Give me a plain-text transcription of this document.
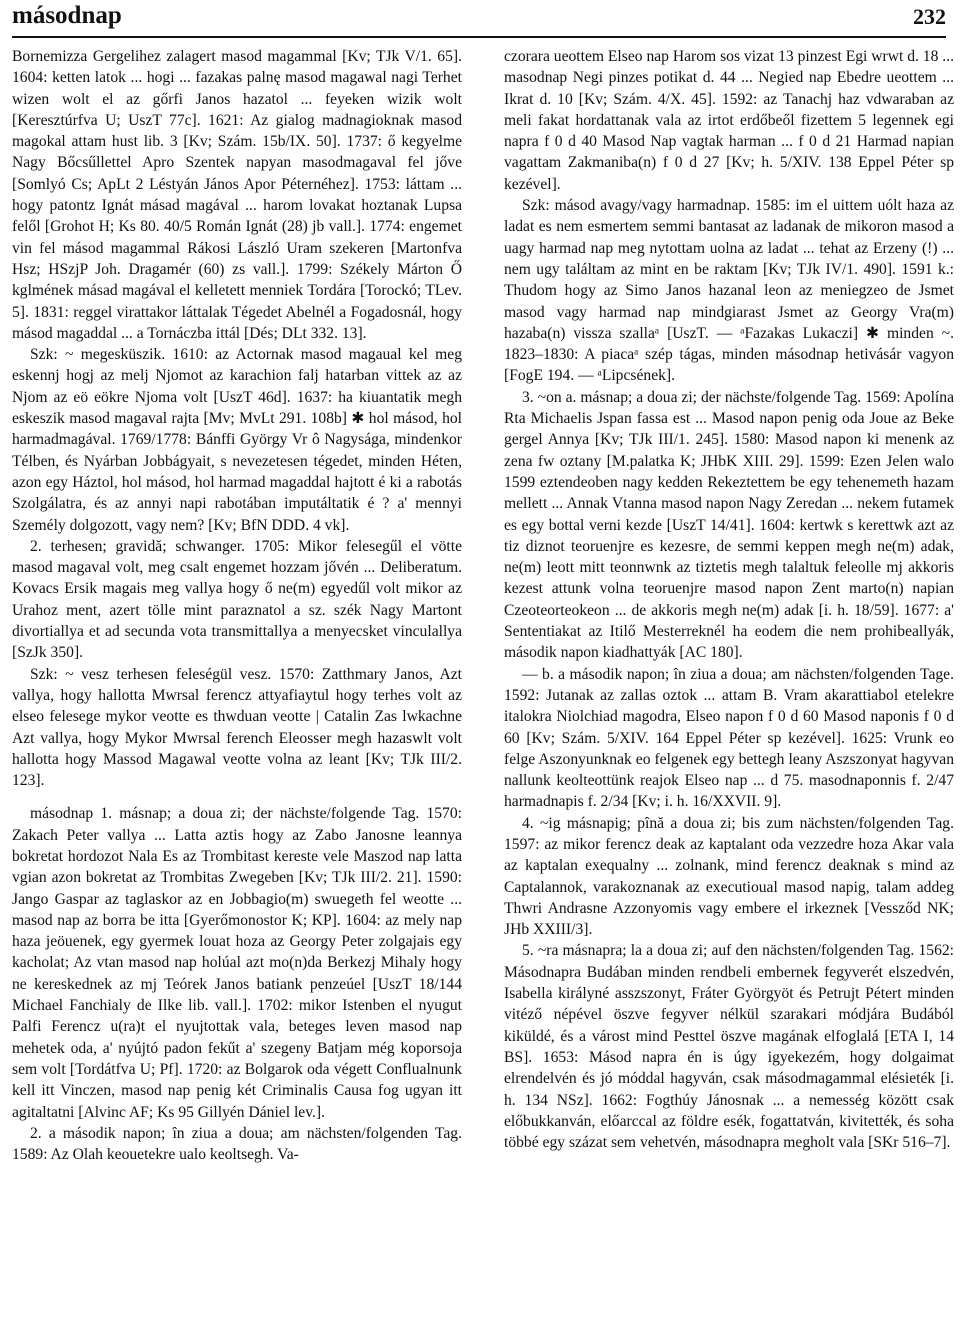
másodnap	232

Bornemizza Gergelihez zalagert masod magammal [Kv; TJk V/1. 65]. 1604: ketten latok ... hogi ... fazakas palnę masod magawal nagi Terhet wizen wolt el az gőrfi Janos hazatol ... feyeken wizik wolt [Keresztúrfva U; UszT 77c]. 1621: Az gialog madnagioknak masod magokal attam hust lib. 3 [Kv; Szám. 15b/IX. 50]. 1737: ő kegyelme Nagy Bőcsűllettel Apro Szentek napyan masodmagaval fel jőve [Somlyó Cs; ApLt 2 Léstyán János Apor Péternéhez]. 1753: láttam ... hogy patontz Ignát másad magával ... harom lovakat hoztanak Lupsa felől [Grohot H; Ks 80. 40/5 Román Ignát (28) jb vall.]. 1774: engemet vin fel másod magammal Rákosi László Uram szekeren [Martonfva Hsz; HSzjP Joh. Dragamér (60) zs vall.]. 1799: Székely Márton Ő kglmének másad magával el kelletett menniek Tordára [Torockó; TLev. 5]. 1831: reggel virattakor láttalak Tégedet Abelnél a Fogadosnál, hogy másod magaddal ... a Tornáczba ittál [Dés; DLt 332. 13].

Szk: ~ megesküszik. 1610: az Actornak masod magaual kel meg eskennj hogj az melj Njomot az karachion falj hatarban vittek az az Njom az eö eökre Njoma volt [UszT 46d]. 1637: ha kiuantatik megh eskeszik masod magaval rajta [Mv; MvLt 291. 108b] ✱ hol másod, hol harmadmagával. 1769/1778: Bánffi György Vr ô Nagysága, mindenkor Télben, és Nyárban Jobbágyait, s nevezetesen tégedet, minden Héten, azon egy Háztol, hol másod, hol harmad magaddal hajtott é ki a rabotás Szolgálatra, és az annyi napi rabotában imputáltatik é ? a' mennyi Személy dolgozott, vagy nem? [Kv; BfN DDD. 4 vk].

2. terhesen; gravidă; schwanger. 1705: Mikor felesegűl el vötte masod magaval volt, meg csalt engemet hozzam jővén ... Deliberatum. Kovacs Ersik magais meg vallya hogy ő ne(m) egyedűl volt mikor az Urahoz ment, azert tölle mint paraznatol a sz. szék Nagy Martont divortiallya et ad secunda vota transmittallya a menyecsket vinculallya [SzJk 350].

Szk: ~ vesz terhesen feleségül vesz. 1570: Zatthmary Janos, Azt vallya, hogy hallotta Mwrsal ferencz attyafiaytul hogy terhes volt az elseo felesege mykor veotte es thwduan veotte | Catalin Zas lwkachne Azt vallya, hogy Mykor Mwrsal ferench Eleosser megh hazaswlt volt hallotta hogy Massod Magawal veotte volna az leant [Kv; TJk III/2. 123].

másodnap 1. másnap; a doua zi; der nächste/folgende Tag. 1570: Zakach Peter vallya ... Latta aztis hogy az Zabo Janosne leannya bokretat hordozot Nala Es az Trombitast kereste vele Maszod nap latta vgian azon bokretat az Trombitas Zwegeben [Kv; TJk III/2. 21]. 1590: Jango Gaspar az taglaskor az en Jobbagio(m) swuegeth fel weotte ... masod nap az borra be itta [Gyerőmonostor K; KP]. 1604: az mely nap haza jeöuenek, egy gyermek louat hoza az Georgy Peter zolgajais egy kacholat; Az vtan masod nap holúal azt mo(n)da Berkezj Mihaly hogy ne kereskednek az mj Teórek Janos batiank penzeúel [UszT 18/144 Michael Fanchialy de Ilke lib. vall.]. 1702: mikor Istenben el nyugut Palfi Ferencz u(ra)t el nyujtottak vala, beteges leven masod nap mehetek oda, a' nyújtó padon fekűt a' szegeny Batjam még koporsoja sem volt [Tordátfva U; Pf]. 1720: az Bolgarok oda végett Conflualnunk kell itt Vinczen, masod nap penig két Criminalis Causa fog ugyan itt agitaltatni [Alvinc AF; Ks 95 Gillyén Dániel lev.].

2. a második napon; în ziua a doua; am nächsten/folgenden Tag. 1589: Az Olah keouetekre ualo keoltsegh. Va-

czorara ueottem Elseo nap Harom sos vizat 13 pinzest Egi wrwt d. 18 ... masodnap Negi pinzes potikat d. 44 ... Negied nap Ebedre ueottem ... Ikrat d. 10 [Kv; Szám. 4/X. 45]. 1592: az Tanachj haz vdwaraban az meli fakat hordattanak vala az irtot erdőbeől fizettem 5 legennek egi napra f 0 d 40 Masod Nap vagtak harman ... f 0 d 21 Harmad napian vagattam Zakmaniba(n) f 0 d 27 [Kv; h. 5/XIV. 138 Eppel Péter sp kezével].

Szk: másod avagy/vagy harmadnap. 1585: im el uittem uólt haza az ladat es nem esmertem semmi bantasat az ladanak de mikoron masod a uagy harmad nap meg nytottam uolna az ladat ... tehat az Erzeny (!) ... nem ugy találtam az mint en be raktam [Kv; TJk IV/1. 490]. 1591 k.: Thudom hogy az Simo Janos hazanal leon az meniegzeo de Jsmet masod vagy harmad nap mindgiarast Jsmet az Georgy Vra(m) hazaba(n) vissza szallaᵃ [UszT. — ᵃFazakas Lukaczi] ✱ minden ~. 1823–1830: A piacaᵃ szép tágas, minden másodnap hetivásár vagyon [FogE 194. — ᵃLipcsének].

3. ~on a. másnap; a doua zi; der nächste/folgende Tag. 1569: Apolína Rta Michaelis Jspan fassa est ... Masod napon penig oda Joue az Beke gergel Annya [Kv; TJk III/1. 245]. 1580: Masod napon ki menenk az zena fw oztany [M.palatka K; JHbK XIII. 29]. 1599: Ezen Jelen walo 1599 eztendeoben nagy kedden Rekeztettem be egy tehenemeth hazam mellett ... Annak Vtanna masod napon Nagy Zeredan ... nekem futamek es egy bottal verni kezde [UszT 14/41]. 1604: kertwk s kerettwk azt az tiz diznot teoruenjre es kezesre, de semmi keppen megh ne(m) adak, ne(m) leott mitt teonnwnk az tiztetis megh talaltuk feleolle mj akkoris kezest attunk volna teoruenjre masod napon Zent marto(n) napian Czeoteorteokeon ... de akkoris megh ne(m) adak [i. h. 18/59]. 1677: a' Sententiakat az Itilő Mesterreknél ha eodem die nem prohibeallyák, második napon kiadhattyák [AC 180].

— b. a második napon; în ziua a doua; am nächsten/folgenden Tage. 1592: Jutanak az zallas oztok ... attam B. Vram akarattiabol etelekre italokra Niolchiad magodra, Elseo napon f 0 d 60 Masod naponis f 0 d 60 [Kv; Szám. 5/XIV. 164 Eppel Péter sp kezével]. 1625: Vrunk eo felge Aszonyunknak eo felgenek egy bettegh leany Aszszonyat hagyvan nallunk keolteottünk reajok Elseo nap ... d 75. masodnaponnis f. 2/47 harmadnapis f. 2/34 [Kv; i. h. 16/XXVII. 9].

4. ~ig másnapig; pînă a doua zi; bis zum nächsten/folgenden Tag. 1597: az mikor ferencz deak az kaptalant oda vezzedre hoza Akar vala az kaptalan exequalny ... zolnank, mind ferencz deaknak s mind az Captalannok, varakoznanak az executioual masod napig, talam addeg Thwri Andrasne Azzonyomis vagy embere el irkeznek [Vessződ NK; JHb XXIII/3].

5. ~ra másnapra; la a doua zi; auf den nächsten/folgenden Tag. 1562: Másodnapra Budában minden rendbeli embernek fegyverét elszedvén, Isabella királyné asszszonyt, Fráter Györgyöt és Petrujt Pétert minden vitéző népével öszve fegyver nélkül szarakari módjára Budából kiküldé, és a várost mind Pesttel öszve magának elfoglalá [ETA I, 14 BS]. 1653: Másod napra én is úgy igyekezém, hogy dolgaimat elrendelvén és jó móddal hagyván, csak másodmagammal elésieték [i. h. 134 NSz]. 1662: Fogthúy Jánosnak ... a nemesség között csak előbukkanván, előarccal az földre esék, fogattatván, kivitették, és soha többé egy százat sem vehetvén, másodnapra megholt vala [SKr 516–7].
